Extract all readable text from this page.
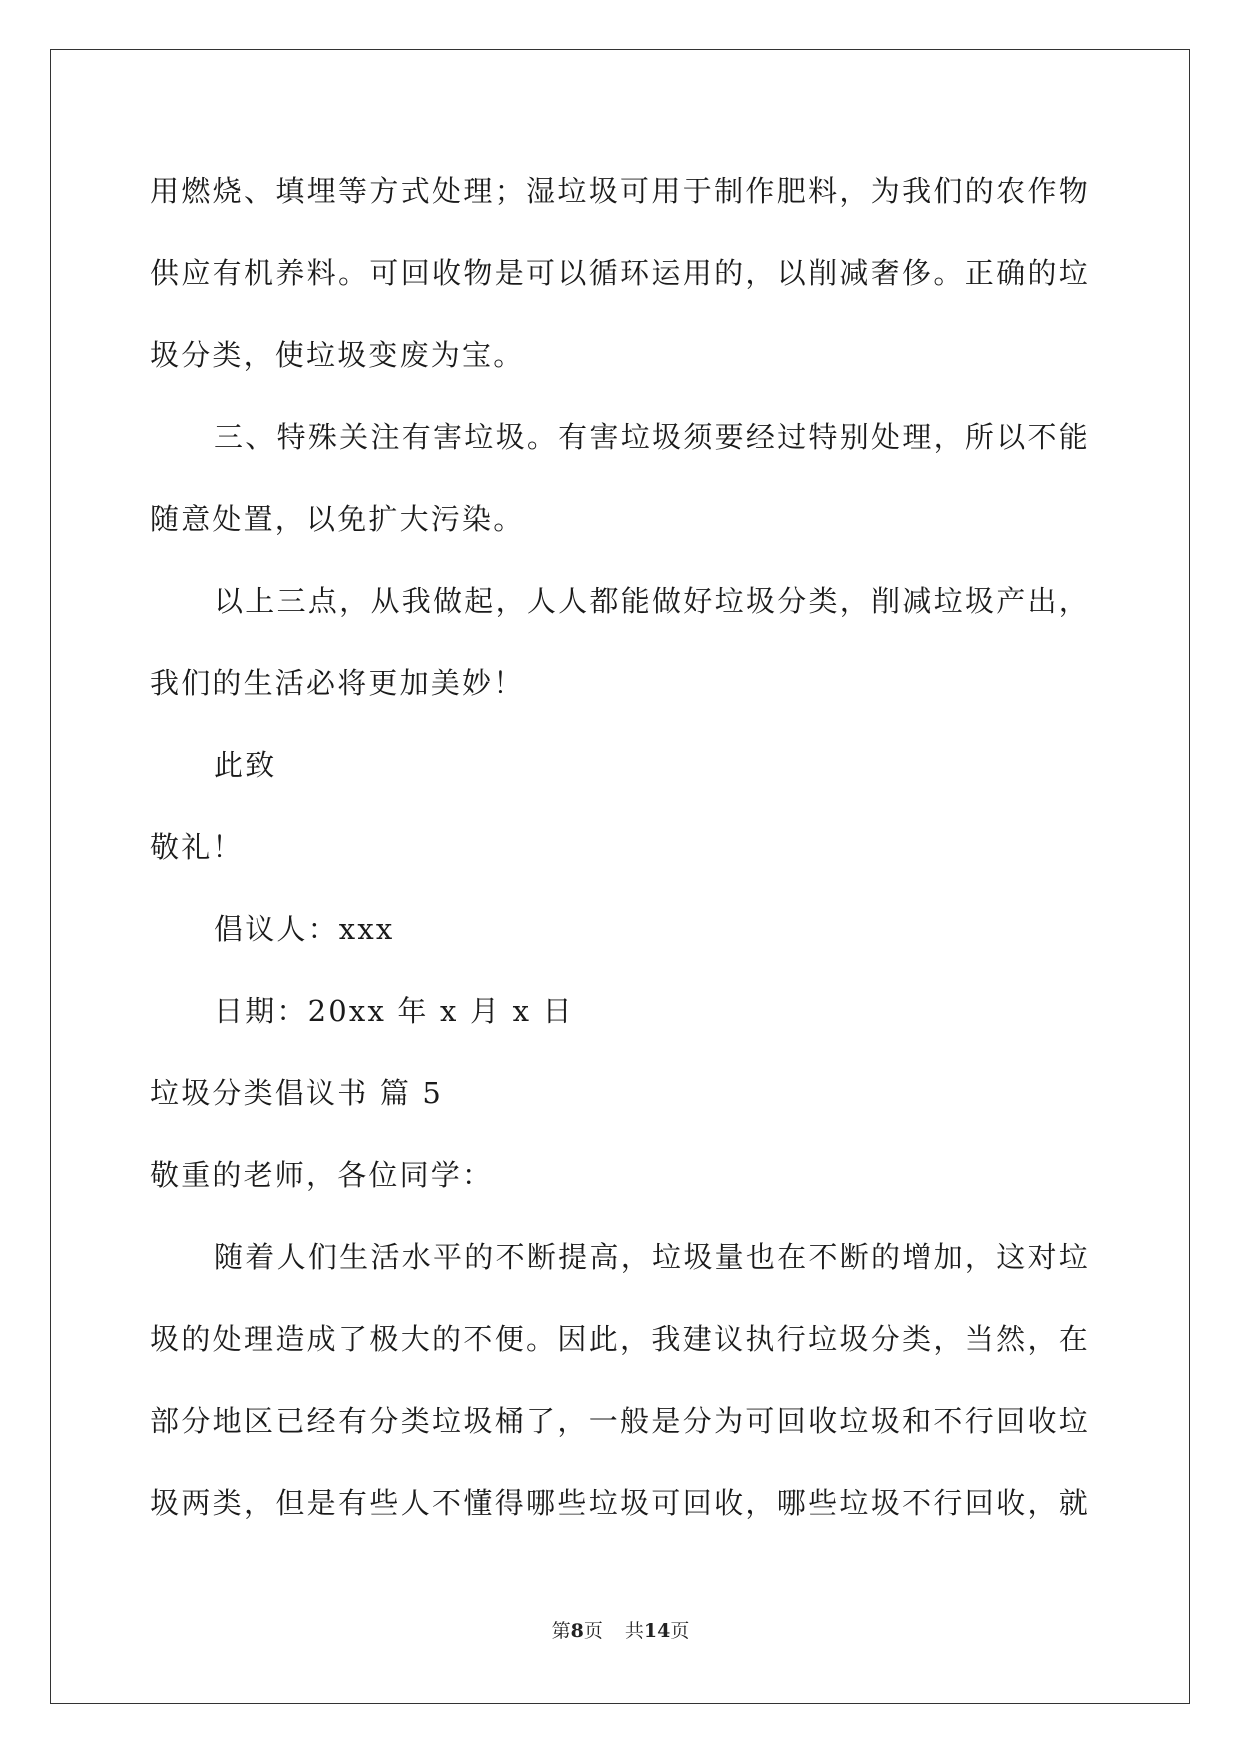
用燃烧、填埋等方式处理；湿垃圾可用于制作肥料，为我们的农作物
供应有机养料。可回收物是可以循环运用的，以削减奢侈。正确的垃
圾分类，使垃圾变废为宝。
三、特殊关注有害垃圾。有害垃圾须要经过特别处理，所以不能
随意处置，以免扩大污染。
以上三点，从我做起，人人都能做好垃圾分类，削减垃圾产出，
我们的生活必将更加美妙！
此致
敬礼！
倡议人：xxx
日期：20xx 年 x 月 x 日
垃圾分类倡议书 篇 5
敬重的老师，各位同学：
随着人们生活水平的不断提高，垃圾量也在不断的增加，这对垃
圾的处理造成了极大的不便。因此，我建议执行垃圾分类，当然，在
部分地区已经有分类垃圾桶了，一般是分为可回收垃圾和不行回收垃
圾两类，但是有些人不懂得哪些垃圾可回收，哪些垃圾不行回收，就
第8页 共14页
